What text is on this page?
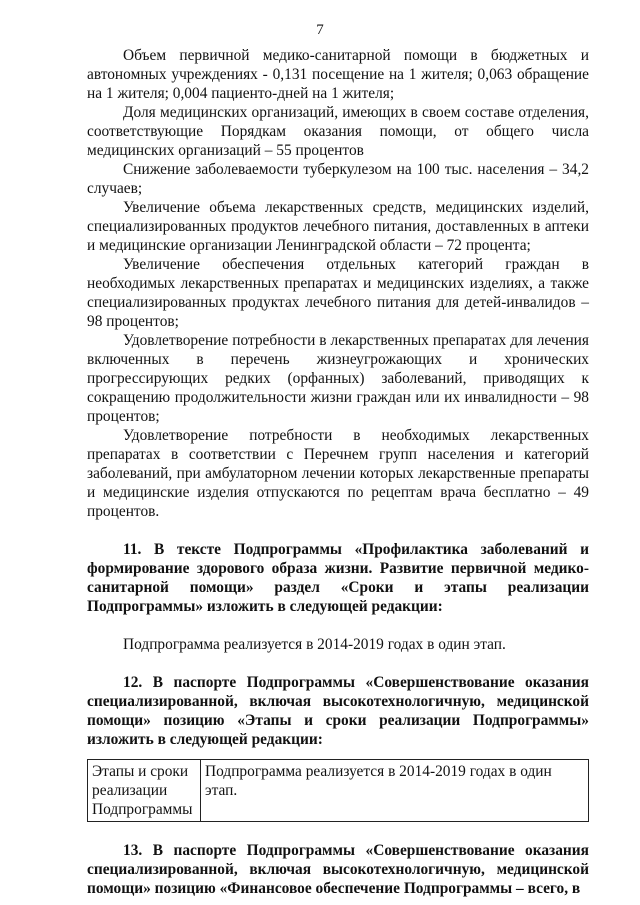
7

Объем первичной медико-санитарной помощи в бюджетных и автономных учреждениях - 0,131 посещение на 1 жителя; 0,063 обращение на 1 жителя; 0,004 пациенто-дней на 1 жителя;

Доля медицинских организаций, имеющих в своем составе отделения, соответствующие Порядкам оказания помощи, от общего числа медицинских организаций – 55 процентов

Снижение заболеваемости туберкулезом на 100 тыс. населения – 34,2 случаев;

Увеличение объема лекарственных средств, медицинских изделий, специализированных продуктов лечебного питания, доставленных в аптеки и медицинские организации Ленинградской области – 72 процента;

Увеличение обеспечения отдельных категорий граждан в необходимых лекарственных препаратах и медицинских изделиях, а также специализированных продуктах лечебного питания для детей-инвалидов – 98 процентов;

Удовлетворение потребности в лекарственных препаратах для лечения включенных в перечень жизнеугрожающих и хронических прогрессирующих редких (орфанных) заболеваний, приводящих к сокращению продолжительности жизни граждан или их инвалидности – 98 процентов;

Удовлетворение потребности в необходимых лекарственных препаратах в соответствии с Перечнем групп населения и категорий заболеваний, при амбулаторном лечении которых лекарственные препараты и медицинские изделия отпускаются по рецептам врача бесплатно – 49 процентов.

11. В тексте Подпрограммы «Профилактика заболеваний и формирование здорового образа жизни. Развитие первичной медико-санитарной помощи» раздел «Сроки и этапы реализации Подпрограммы» изложить в следующей редакции:

Подпрограмма реализуется в 2014-2019 годах в один этап.

12. В паспорте Подпрограммы «Совершенствование оказания специализированной, включая высокотехнологичную, медицинской помощи» позицию «Этапы и сроки реализации Подпрограммы» изложить в следующей редакции:

Этапы и сроки реализации Подпрограммы	Подпрограмма реализуется в 2014-2019 годах в один этап.

13. В паспорте Подпрограммы «Совершенствование оказания специализированной, включая высокотехнологичную, медицинской помощи» позицию «Финансовое обеспечение Подпрограммы – всего, в
